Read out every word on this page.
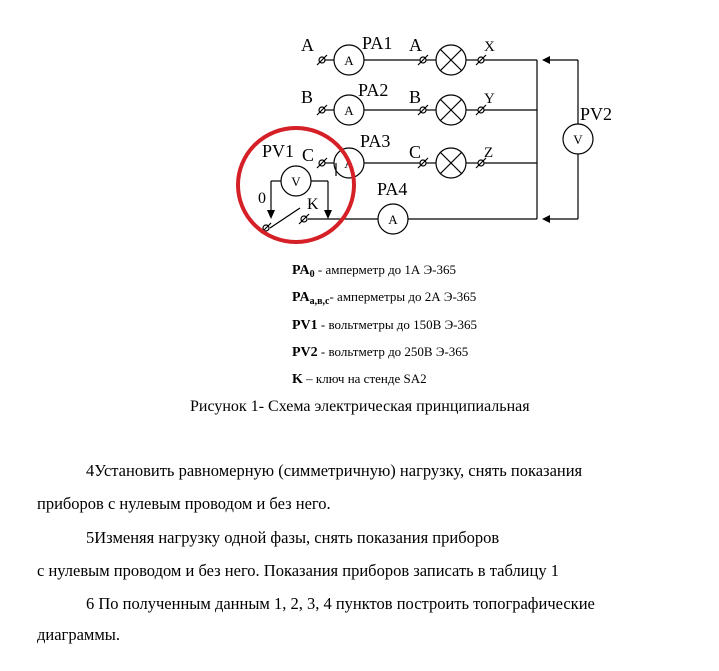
A
A
A
A
V
V
A	PA1 A	X
B PA2 B	Y
C
PA3
C	Z
PV1
PA4
PV2
0	K
$PA_0$ - амперметр до 1А Э-365
$PA_{а,в,с}-$ амперметры до 2А Э-365
PV1 - вольтметры до 150В Э-365
PV2 - вольтметр до 250В Э-365
K – ключ на стенде SA2
Рисунок 1- Схема электрическая принципиальная
4Установить равномерную (симметричную) нагрузку, снять показания
приборов с нулевым проводом и без него.
5Изменяя нагрузку одной фазы, снять показания приборов
с нулевым проводом и без него. Показания приборов записать в таблицу 1
6 По полученным данным 1, 2, 3, 4 пунктов построить топографические
диаграммы.
